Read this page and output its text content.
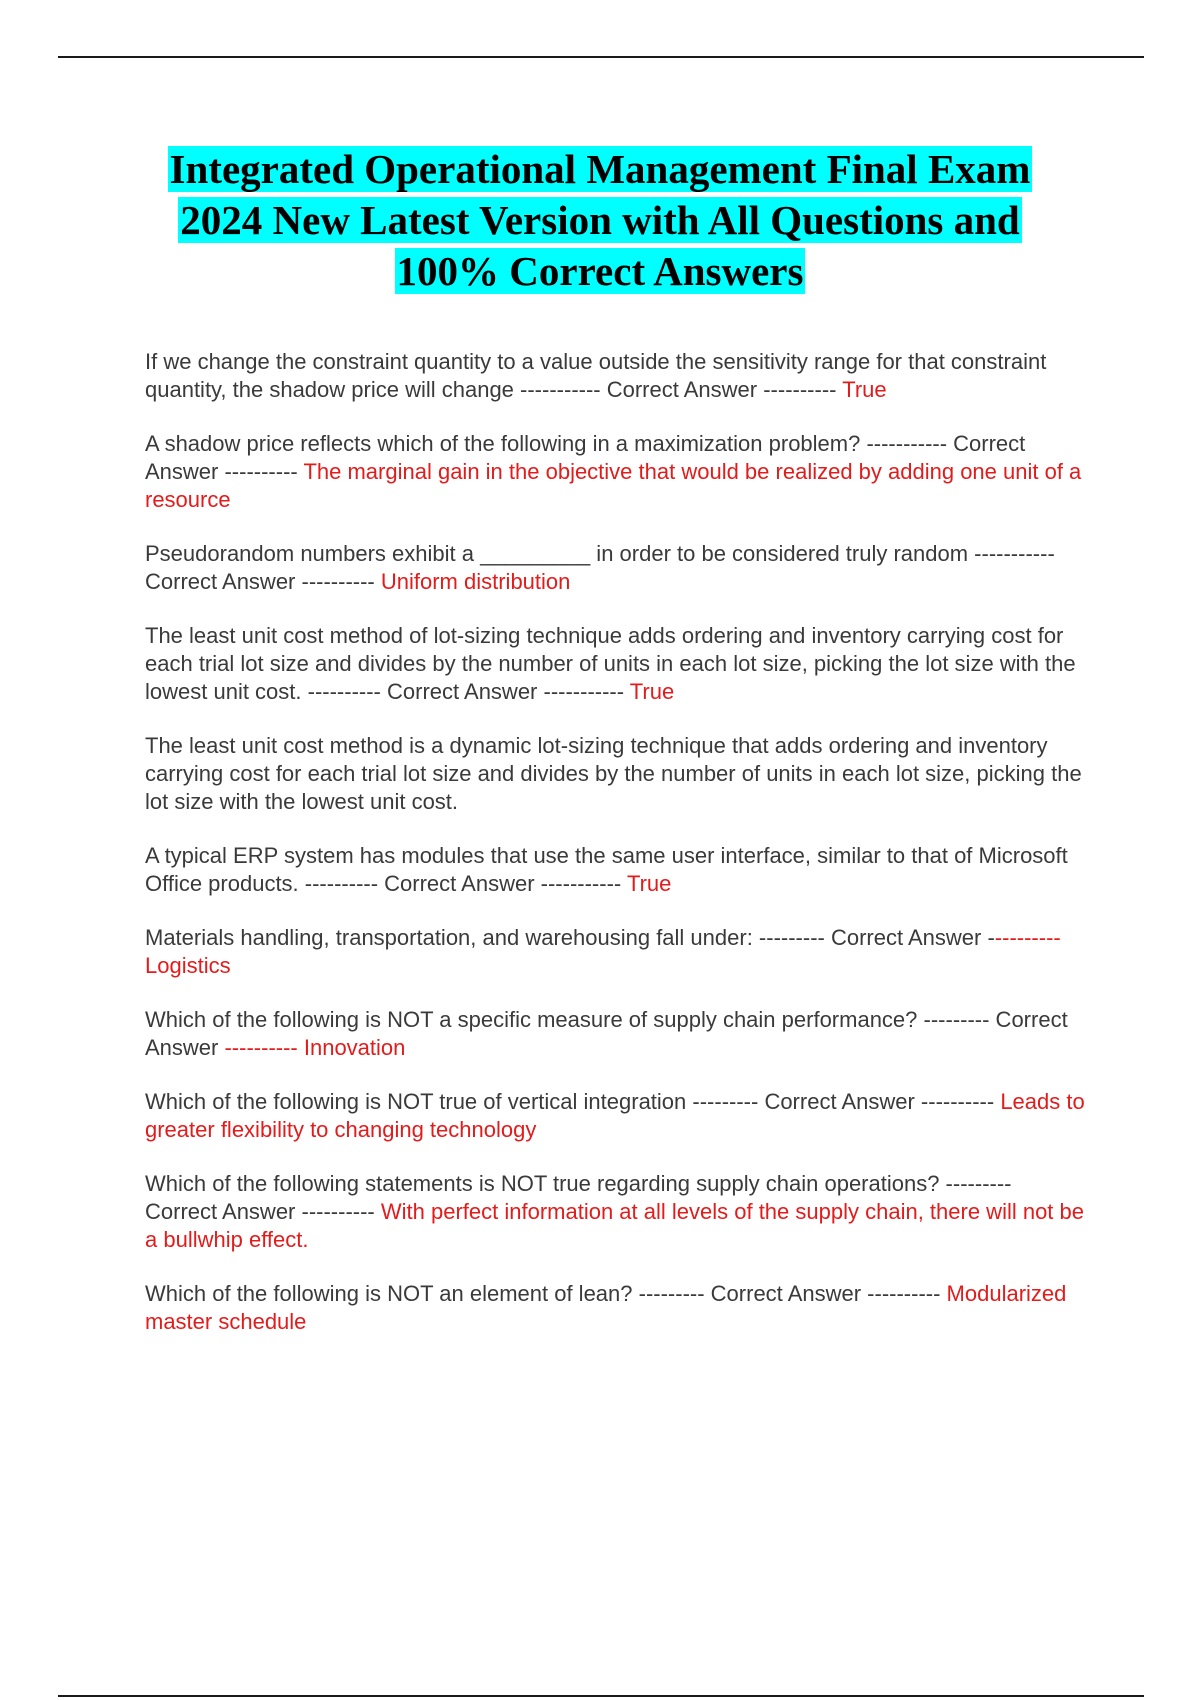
Integrated Operational Management Final Exam
2024 New Latest Version with All Questions and
100% Correct Answers

If we change the constraint quantity to a value outside the sensitivity range for that constraint quantity, the shadow price will change ----------- Correct Answer ---------- True

A shadow price reflects which of the following in a maximization problem? ----------- Correct Answer ---------- The marginal gain in the objective that would be realized by adding one unit of a resource

Pseudorandom numbers exhibit a _________ in order to be considered truly random ----------- Correct Answer ---------- Uniform distribution

The least unit cost method of lot-sizing technique adds ordering and inventory carrying cost for each trial lot size and divides by the number of units in each lot size, picking the lot size with the lowest unit cost. ---------- Correct Answer ----------- True

The least unit cost method is a dynamic lot-sizing technique that adds ordering and inventory carrying cost for each trial lot size and divides by the number of units in each lot size, picking the lot size with the lowest unit cost.

A typical ERP system has modules that use the same user interface, similar to that of Microsoft Office products. ---------- Correct Answer ----------- True

Materials handling, transportation, and warehousing fall under: --------- Correct Answer ---------- Logistics

Which of the following is NOT a specific measure of supply chain performance? --------- Correct Answer ---------- Innovation

Which of the following is NOT true of vertical integration --------- Correct Answer ---------- Leads to greater flexibility to changing technology

Which of the following statements is NOT true regarding supply chain operations? --------- Correct Answer ---------- With perfect information at all levels of the supply chain, there will not be a bullwhip effect.

Which of the following is NOT an element of lean? --------- Correct Answer ---------- Modularized master schedule
